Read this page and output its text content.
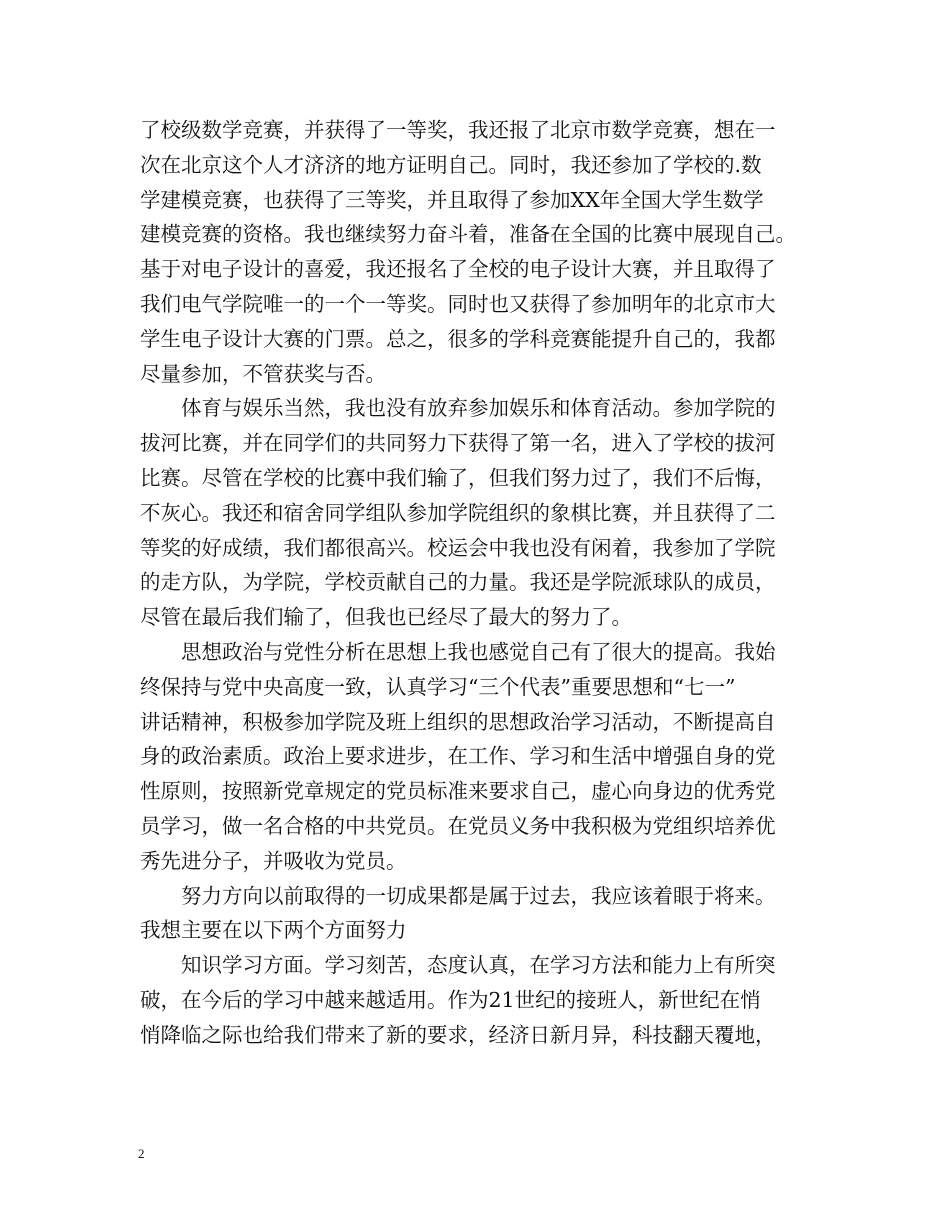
了校级数学竞赛，并获得了一等奖，我还报了北京市数学竞赛，想在一
次在北京这个人才济济的地方证明自己。同时，我还参加了学校的.数
学建模竞赛，也获得了三等奖，并且取得了参加XX年全国大学生数学
建模竞赛的资格。我也继续努力奋斗着，准备在全国的比赛中展现自己。
基于对电子设计的喜爱，我还报名了全校的电子设计大赛，并且取得了
我们电气学院唯一的一个一等奖。同时也又获得了参加明年的北京市大
学生电子设计大赛的门票。总之，很多的学科竞赛能提升自己的，我都
尽量参加，不管获奖与否。
体育与娱乐当然，我也没有放弃参加娱乐和体育活动。参加学院的
拔河比赛，并在同学们的共同努力下获得了第一名，进入了学校的拔河
比赛。尽管在学校的比赛中我们输了，但我们努力过了，我们不后悔，
不灰心。我还和宿舍同学组队参加学院组织的象棋比赛，并且获得了二
等奖的好成绩，我们都很高兴。校运会中我也没有闲着，我参加了学院
的走方队，为学院，学校贡献自己的力量。我还是学院派球队的成员，
尽管在最后我们输了，但我也已经尽了最大的努力了。
思想政治与党性分析在思想上我也感觉自己有了很大的提高。我始
终保持与党中央高度一致，认真学习“三个代表”重要思想和“七一”
讲话精神，积极参加学院及班上组织的思想政治学习活动，不断提高自
身的政治素质。政治上要求进步，在工作、学习和生活中增强自身的党
性原则，按照新党章规定的党员标准来要求自己，虚心向身边的优秀党
员学习，做一名合格的中共党员。在党员义务中我积极为党组织培养优
秀先进分子，并吸收为党员。
努力方向以前取得的一切成果都是属于过去，我应该着眼于将来。
我想主要在以下两个方面努力
知识学习方面。学习刻苦，态度认真，在学习方法和能力上有所突
破，在今后的学习中越来越适用。作为21世纪的接班人，新世纪在悄
悄降临之际也给我们带来了新的要求，经济日新月异，科技翻天覆地，
2
